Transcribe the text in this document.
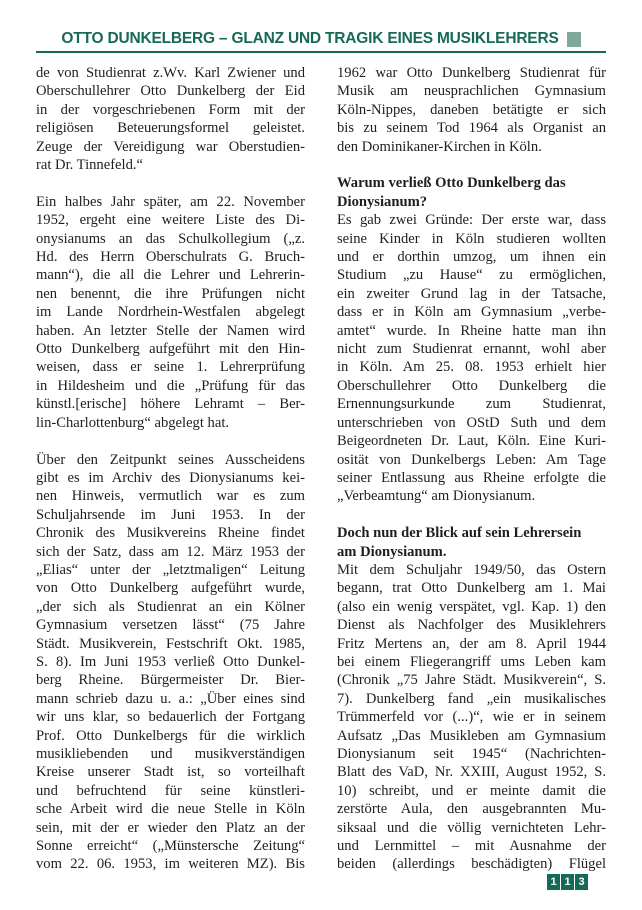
OTTO DUNKELBERG – GLANZ UND TRAGIK EINES MUSIKLEHRERS
de von Studienrat z.Wv. Karl Zwiener und
Oberschullehrer Otto Dunkelberg der Eid
in der vorgeschriebenen Form mit der
religiösen Beteuerungsformel geleistet.
Zeuge der Vereidigung war Oberstudien-
rat Dr. Tinnefeld.“
Ein halbes Jahr später, am 22. November
1952, ergeht eine weitere Liste des Di-
onysianums an das Schulkollegium („z.
Hd. des Herrn Oberschulrats G. Bruch-
mann“), die all die Lehrer und Lehrerin-
nen benennt, die ihre Prüfungen nicht
im Lande Nordrhein-Westfalen abgelegt
haben. An letzter Stelle der Namen wird
Otto Dunkelberg aufgeführt mit den Hin-
weisen, dass er seine 1. Lehrerprüfung
in Hildesheim und die „Prüfung für das
künstl.[erische] höhere Lehramt – Ber-
lin-Charlottenburg“ abgelegt hat.
Über den Zeitpunkt seines Ausscheidens
gibt es im Archiv des Dionysianums kei-
nen Hinweis, vermutlich war es zum
Schuljahrsende im Juni 1953. In der
Chronik des Musikvereins Rheine findet
sich der Satz, dass am 12. März 1953 der
„Elias“ unter der „letztmaligen“ Leitung
von Otto Dunkelberg aufgeführt wurde,
„der sich als Studienrat an ein Kölner
Gymnasium versetzen lässt“ (75 Jahre
Städt. Musikverein, Festschrift Okt. 1985,
S. 8). Im Juni 1953 verließ Otto Dunkel-
berg Rheine. Bürgermeister Dr. Bier-
mann schrieb dazu u. a.: „Über eines sind
wir uns klar, so bedauerlich der Fortgang
Prof. Otto Dunkelbergs für die wirklich
musikliebenden und musikverständigen
Kreise unserer Stadt ist, so vorteilhaft
und befruchtend für seine künstleri-
sche Arbeit wird die neue Stelle in Köln
sein, mit der er wieder den Platz an der
Sonne erreicht“ („Münstersche Zeitung“
vom 22. 06. 1953, im weiteren MZ). Bis
1962 war Otto Dunkelberg Studienrat für
Musik am neusprachlichen Gymnasium
Köln-Nippes, daneben betätigte er sich
bis zu seinem Tod 1964 als Organist an
den Dominikaner-Kirchen in Köln.
Warum verließ Otto Dunkelberg das
Dionysianum?
Es gab zwei Gründe: Der erste war, dass
seine Kinder in Köln studieren wollten
und er dorthin umzog, um ihnen ein
Studium „zu Hause“ zu ermöglichen,
ein zweiter Grund lag in der Tatsache,
dass er in Köln am Gymnasium „verbe-
amtet“ wurde. In Rheine hatte man ihn
nicht zum Studienrat ernannt, wohl aber
in Köln. Am 25. 08. 1953 erhielt hier
Oberschullehrer Otto Dunkelberg die
Ernennungsurkunde zum Studienrat,
unterschrieben von OStD Suth und dem
Beigeordneten Dr. Laut, Köln. Eine Kuri-
osität von Dunkelbergs Leben: Am Tage
seiner Entlassung aus Rheine erfolgte die
„Verbeamtung“ am Dionysianum.
Doch nun der Blick auf sein Lehrersein
am Dionysianum.
Mit dem Schuljahr 1949/50, das Ostern
begann, trat Otto Dunkelberg am 1. Mai
(also ein wenig verspätet, vgl. Kap. 1) den
Dienst als Nachfolger des Musiklehrers
Fritz Mertens an, der am 8. April 1944
bei einem Fliegerangriff ums Leben kam
(Chronik „75 Jahre Städt. Musikverein“, S.
7). Dunkelberg fand „ein musikalisches
Trümmerfeld vor (...)“, wie er in seinem
Aufsatz „Das Musikleben am Gymnasium
Dionysianum seit 1945“ (Nachrichten-
Blatt des VaD, Nr. XXIII, August 1952, S.
10) schreibt, und er meinte damit die
zerstörte Aula, den ausgebrannten Mu-
siksaal und die völlig vernichteten Lehr-
und Lernmittel – mit Ausnahme der
beiden (allerdings beschädigten) Flügel
1 1 3
